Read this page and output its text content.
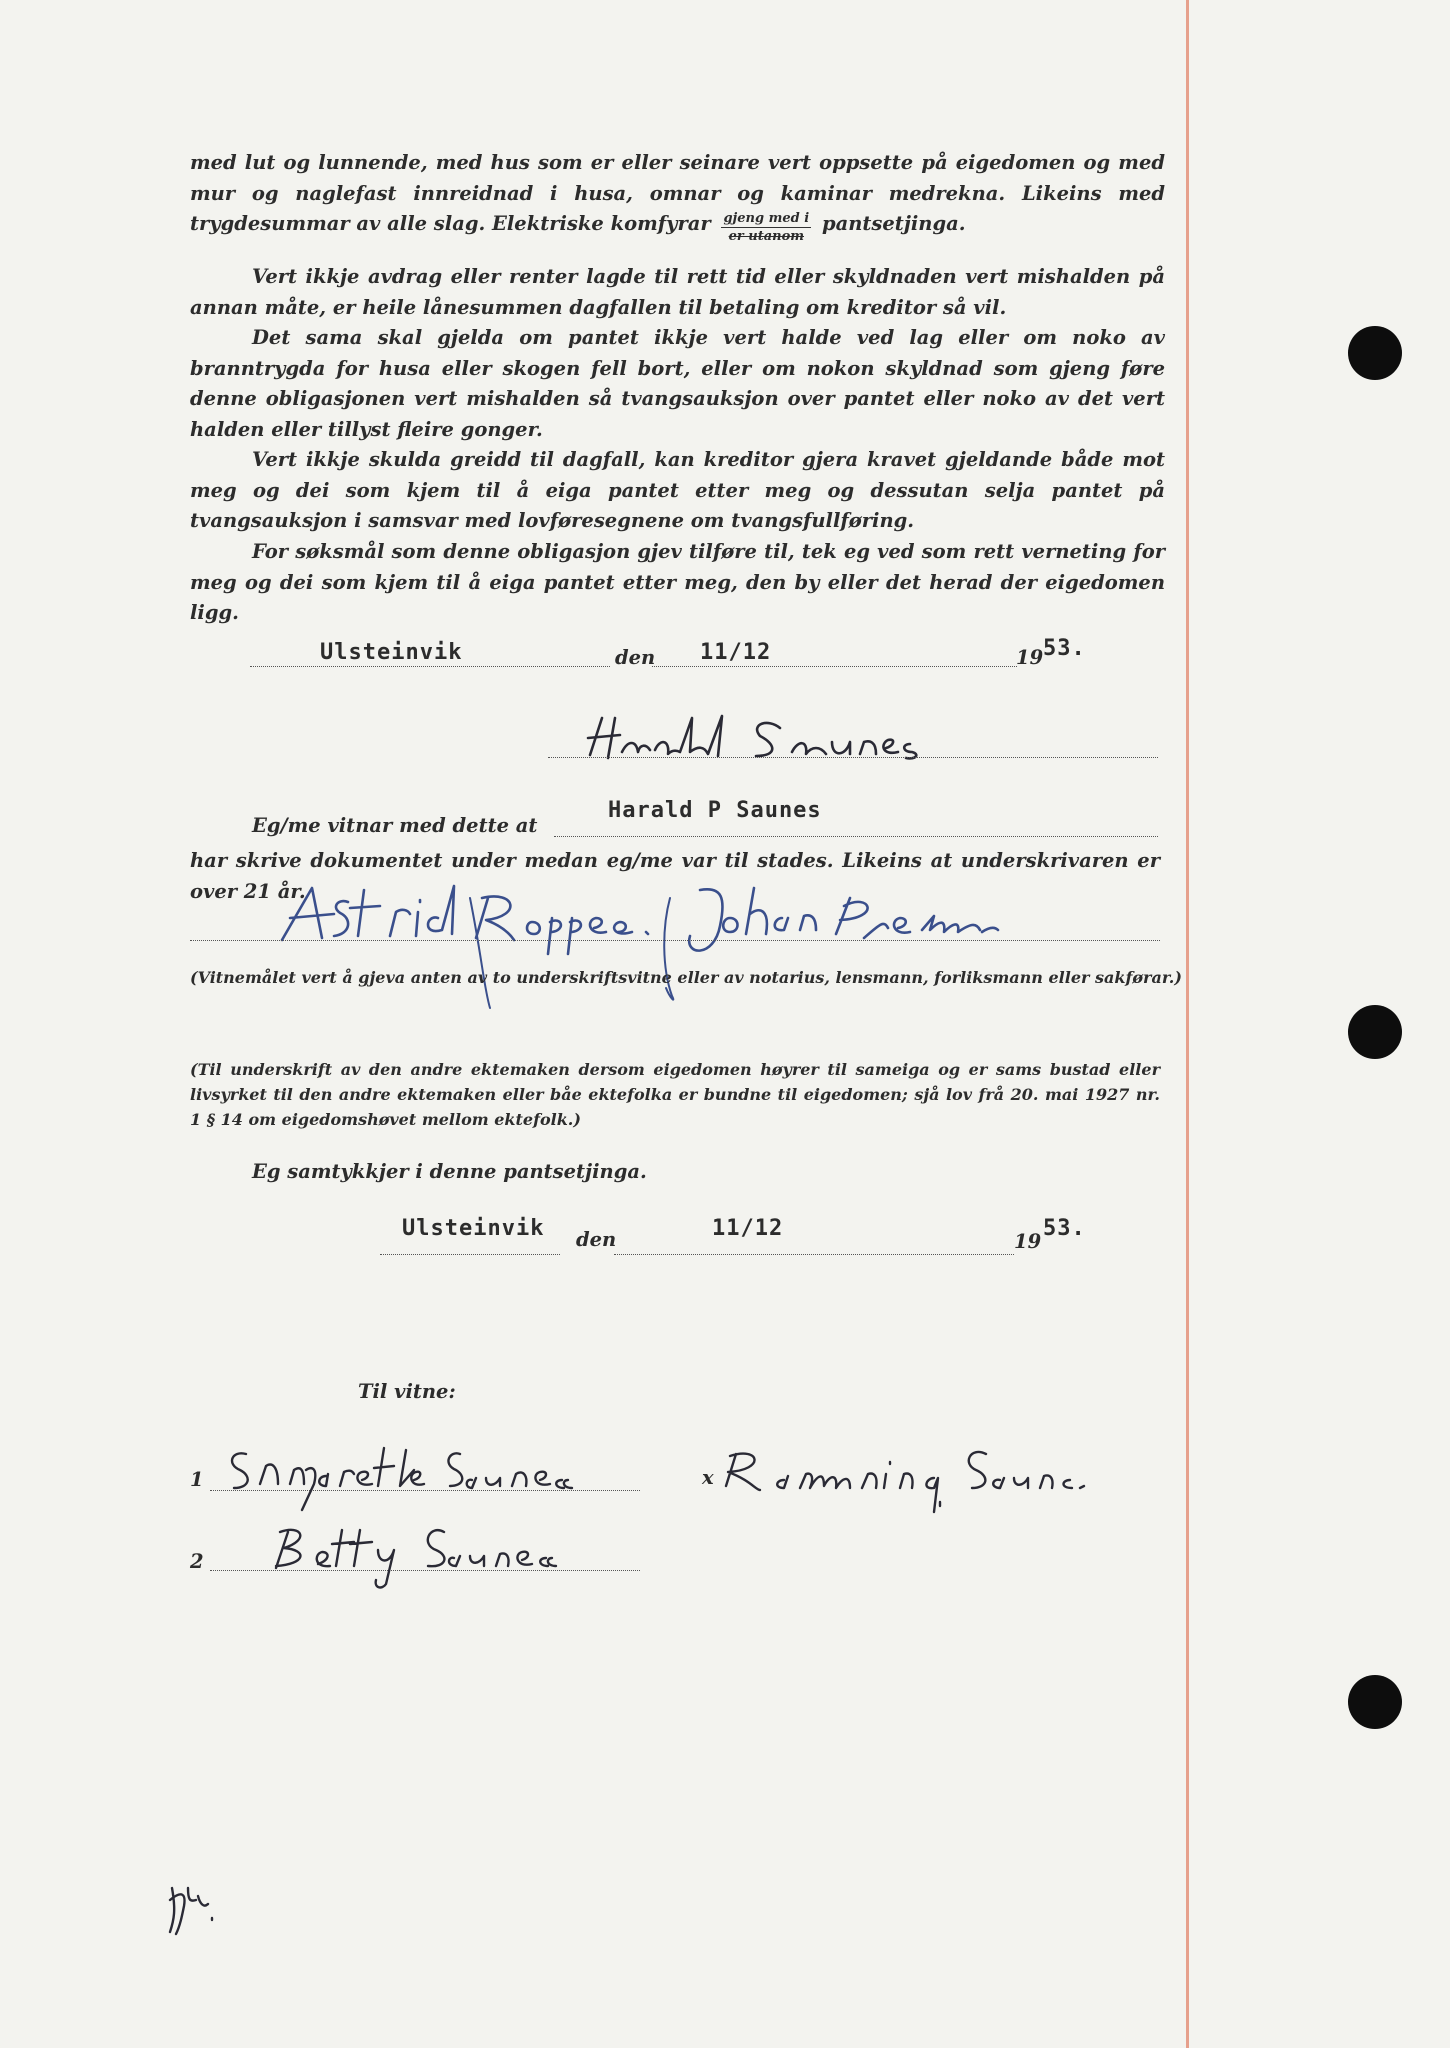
med lut og lunnende, med hus som er eller seinare vert oppsette på eigedomen og med mur og naglefast innreidnad i husa, omnar og kaminar medrekna. Likeins med trygdesummar av alle slag. Elektriske komfyrar gjeng med i
er utanom
pantsetjinga.

Vert ikkje avdrag eller renter lagde til rett tid eller skyldnaden vert mishalden på annan måte, er heile lånesummen dagfallen til betaling om kreditor så vil.

Det sama skal gjelda om pantet ikkje vert halde ved lag eller om noko av branntrygda for husa eller skogen fell bort, eller om nokon skyldnad som gjeng føre denne obligasjonen vert mishalden så tvangsauksjon over pantet eller noko av det vert halden eller tillyst fleire gonger.

Vert ikkje skulda greidd til dagfall, kan kreditor gjera kravet gjeldande både mot meg og dei som kjem til å eiga pantet etter meg og dessutan selja pantet på tvangsauksjon i samsvar med lovføresegnene om tvangsfullføring.

For søksmål som denne obligasjon gjev tilføre til, tek eg ved som rett verneting for meg og dei som kjem til å eiga pantet etter meg, den by eller det herad der eigedomen ligg.

Ulsteinvik	den 11/12	19 53.
Harald P Saunes
Eg/me vitnar med dette at

har skrive dokumentet under medan eg/me var til stades. Likeins at underskrivaren er over 21 år.

(Vitnemålet vert å gjeva anten av to underskriftsvitne eller av notarius, lensmann, forliksmann eller sakførar.)

(Til underskrift av den andre ektemaken dersom eigedomen høyrer til sameiga og er sams bustad eller livsyrket til den andre ektemaken eller båe ektefolka er bundne til eigedomen; sjå lov frå 20. mai 1927 nr. 1 § 14 om eigedomshøvet mellom ektefolk.)

Eg samtykkjer i denne pantsetjinga.
Ulsteinvik den	11/12
19
53.
Til vitne:
1
2
x
